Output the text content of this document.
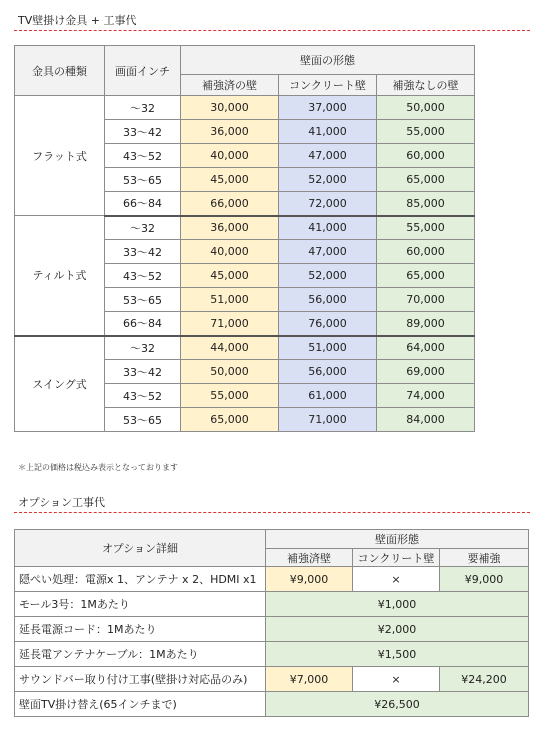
TV壁掛け金具 + 工事代
金具の種類	画面インチ	壁面の形態		
		補強済の壁	コンクリート壁	補強なしの壁
フラット式	～32	30,000	37,000	50,000
	33～42	36,000	41,000	55,000
	43～52	40,000	47,000	60,000
	53～65	45,000	52,000	65,000
	66～84	66,000	72,000	85,000
ティルト式	～32	36,000	41,000	55,000
	33～42	40,000	47,000	60,000
	43～52	45,000	52,000	65,000
	53～65	51,000	56,000	70,000
	66～84	71,000	76,000	89,000
スイング式	～32	44,000	51,000	64,000
	33～42	50,000	56,000	69,000
	43～52	55,000	61,000	74,000
	53～65	65,000	71,000	84,000
＊上記の価格は税込み表示となっております
オプション工事代
オプション詳細	壁面形態		
	補強済壁	コンクリート壁	要補強
隠ぺい処理：電源x 1、アンテナ x 2、HDMI x1	¥9,000	×	¥9,000
モール3号：1Mあたり	¥1,000		
延長電源コード：1Mあたり	¥2,000		
延長電アンテナケーブル：1Mあたり	¥1,500		
サウンドバー取り付け工事(壁掛け対応品のみ)	¥7,000	×	¥24,200
壁面TV掛け替え(65インチまで)	¥26,500		
